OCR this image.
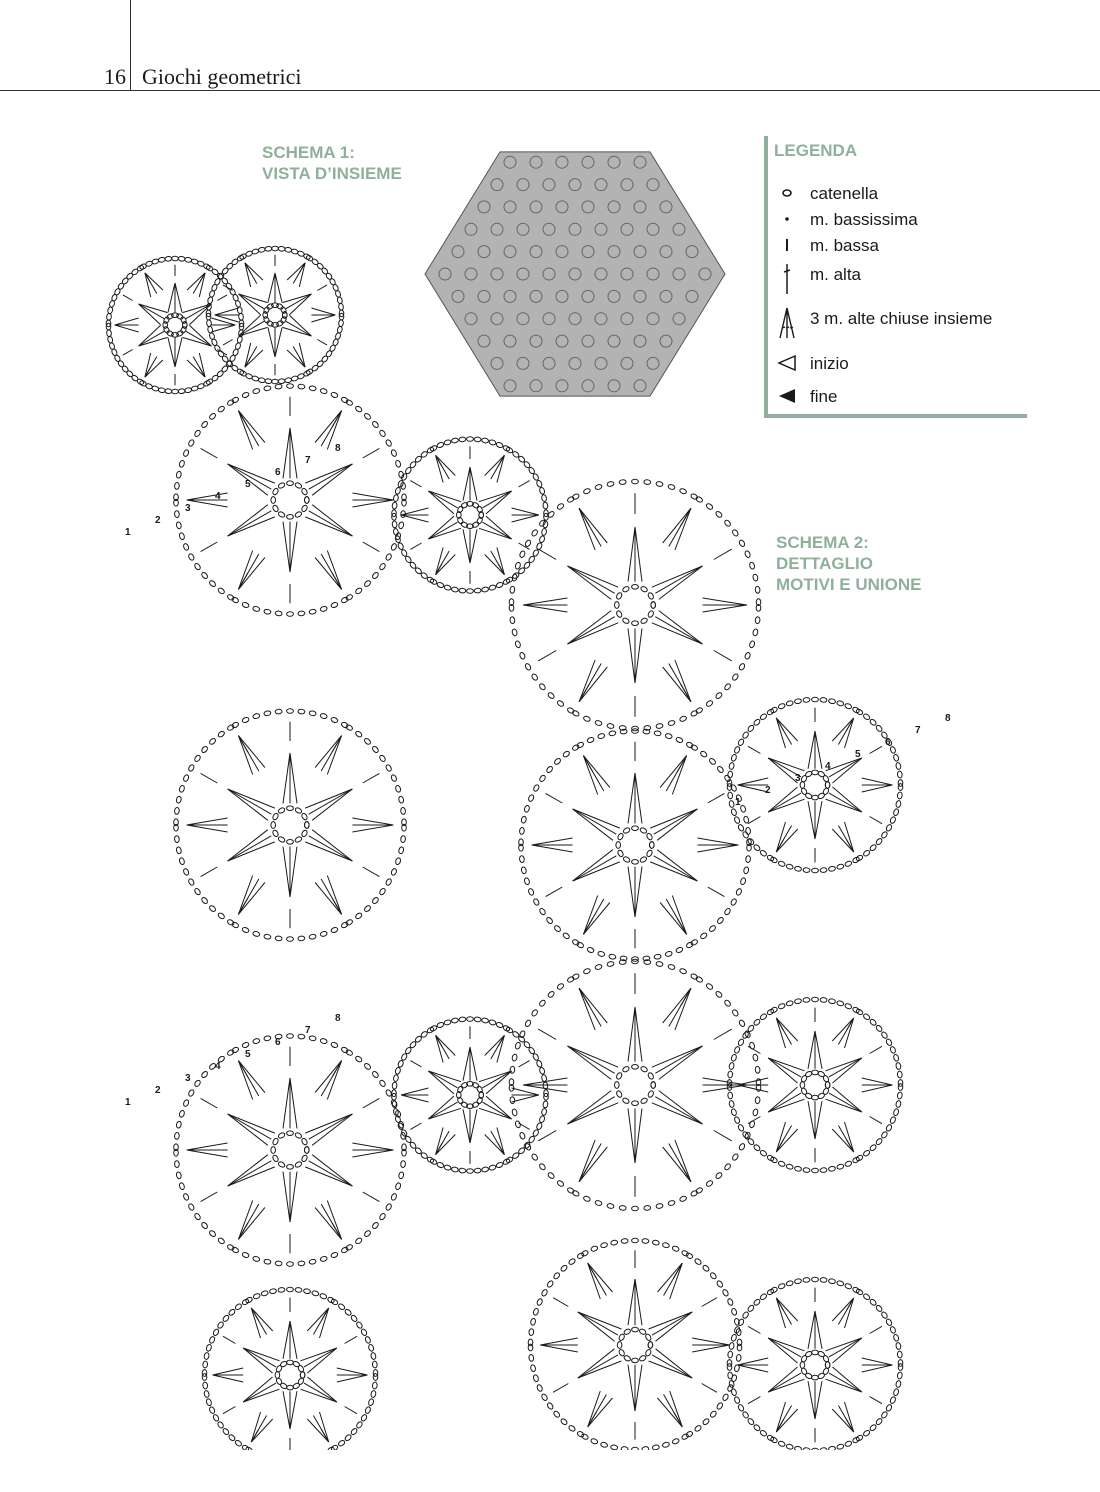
16 Giochi geometrici
SCHEMA 1:
VISTA D’INSIEME
SCHEMA 2:
DETTAGLIO
MOTIVI E UNIONE
LEGENDA
catenella
m. bassissima
m. bassa
m. alta
3 m. alte chiuse insieme
inizio
fine
1
2
3
4
5
6
7
8
1
2
3
4
5
6
7
8
1
2
3
4
5
6
7
8
